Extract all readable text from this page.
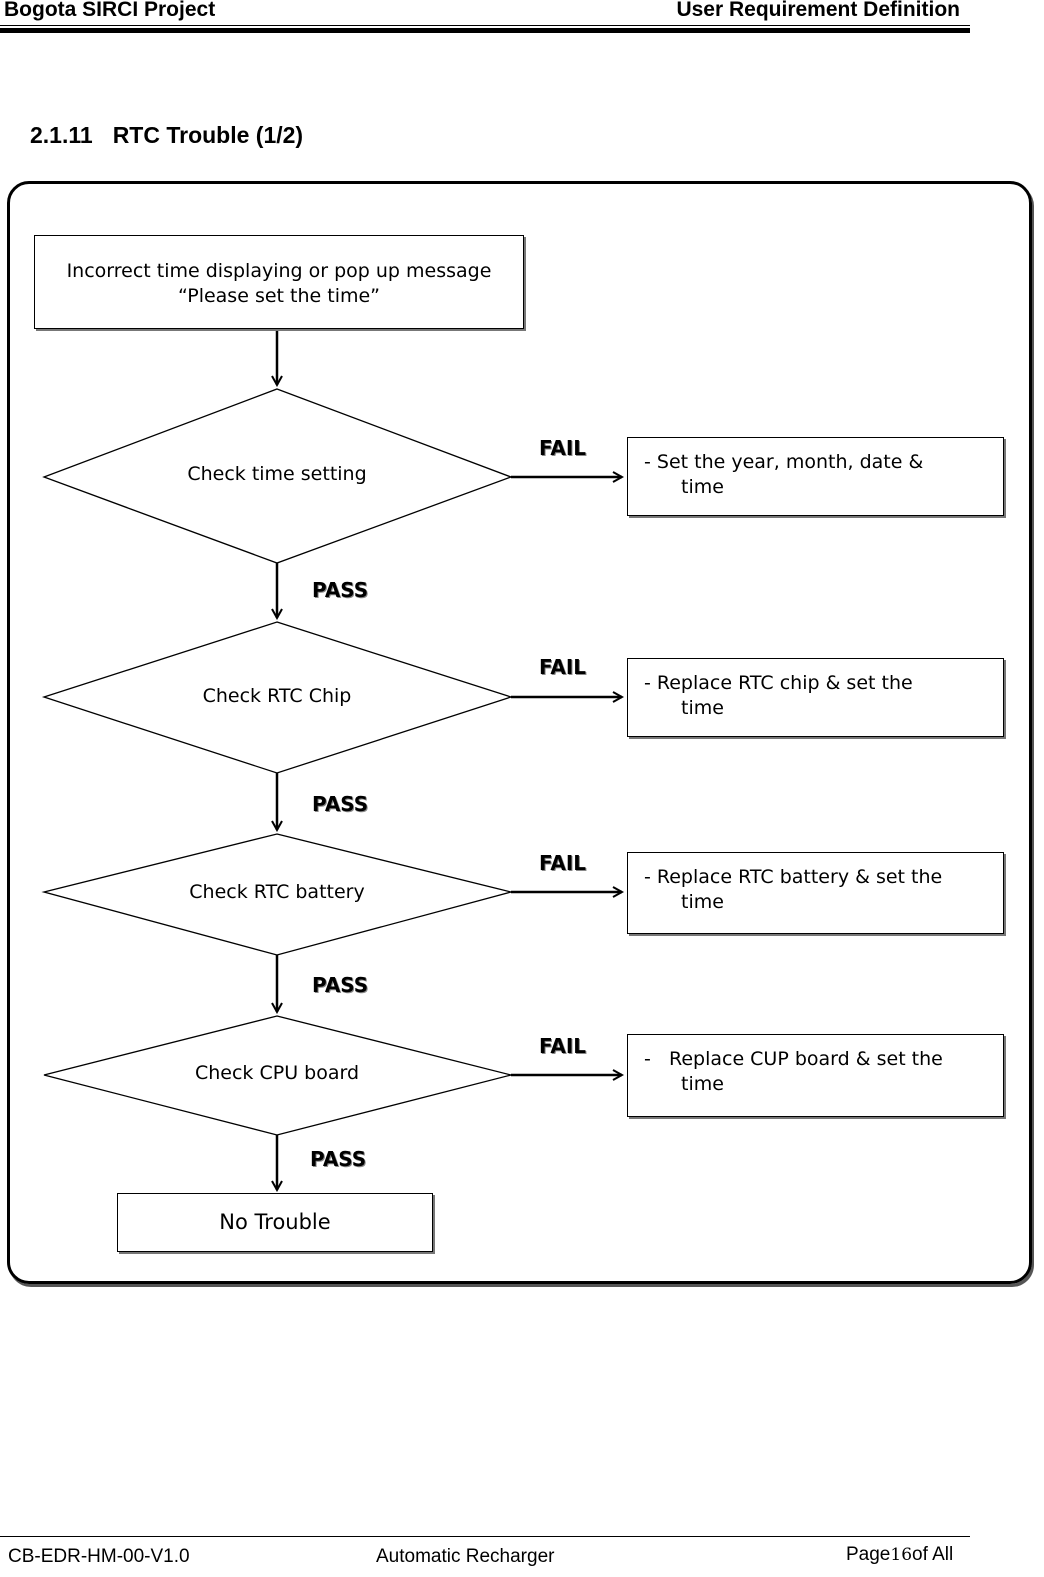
Bogota SIRCI Project	User Requirement Definition
2.1.11 RTC Trouble (1/2)
Incorrect time displaying or pop up message
“Please set the time”
Check time setting
Check RTC Chip
Check RTC battery
Check CPU board
FAIL
FAIL
FAIL
FAIL
PASS
PASS
PASS
PASS
- Set the year, month, date &
time
- Replace RTC chip & set the
time
- Replace RTC battery & set the
time
-   Replace CUP board & set the
time
No Trouble
CB-EDR-HM-00-V1.0	Automatic Recharger	Page16of All
